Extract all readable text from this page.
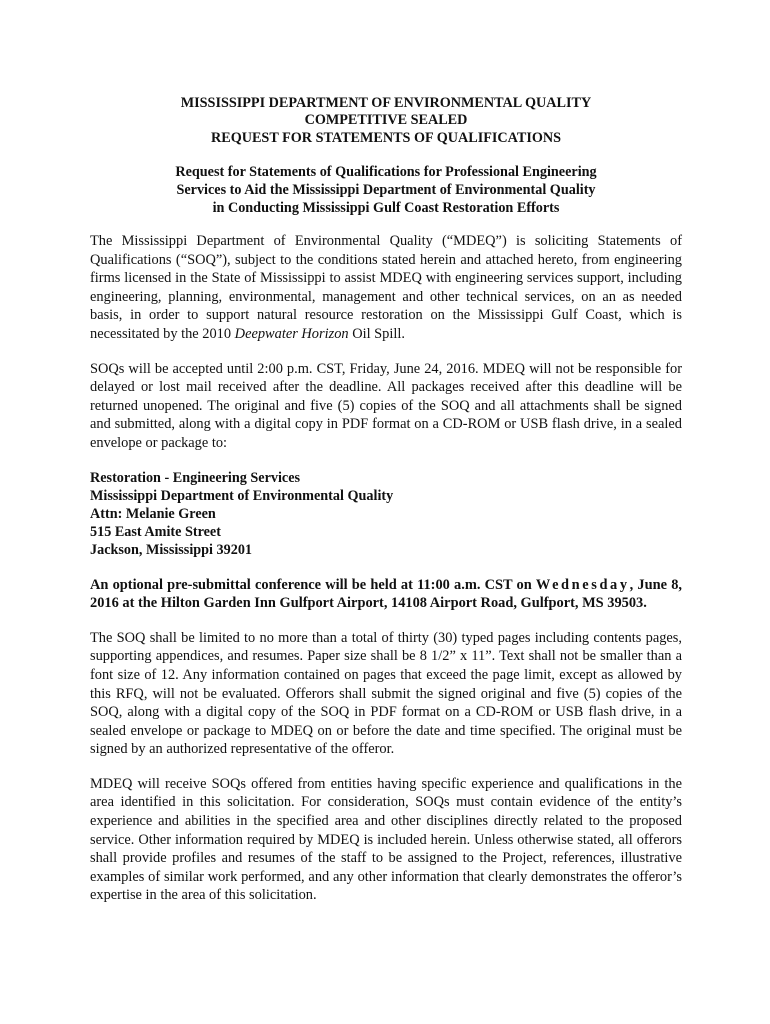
MISSISSIPPI DEPARTMENT OF ENVIRONMENTAL QUALITY

COMPETITIVE SEALED

REQUEST FOR STATEMENTS OF QUALIFICATIONS

Request for Statements of Qualifications for Professional Engineering

Services to Aid the Mississippi Department of Environmental Quality

in Conducting Mississippi Gulf Coast Restoration Efforts

The Mississippi Department of Environmental Quality (“MDEQ”) is soliciting Statements of Qualifications (“SOQ”), subject to the conditions stated herein and attached hereto, from engineering firms licensed in the State of Mississippi to assist MDEQ with engineering services support, including engineering, planning, environmental, management and other technical services, on an as needed basis, in order to support natural resource restoration on the Mississippi Gulf Coast, which is necessitated by the 2010 Deepwater Horizon Oil Spill.

SOQs will be accepted until 2:00 p.m. CST, Friday, June 24, 2016. MDEQ will not be responsible for delayed or lost mail received after the deadline. All packages received after this deadline will be returned unopened. The original and five (5) copies of the SOQ and all attachments shall be signed and submitted, along with a digital copy in PDF format on a CD-ROM or USB flash drive, in a sealed envelope or package to:

Restoration - Engineering Services

Mississippi Department of Environmental Quality

Attn: Melanie Green

515 East Amite Street

Jackson, Mississippi 39201

An optional pre-submittal conference will be held at 11:00 a.m. CST on Wednesday, June 8, 2016 at the Hilton Garden Inn Gulfport Airport, 14108 Airport Road, Gulfport, MS 39503.

The SOQ shall be limited to no more than a total of thirty (30) typed pages including contents pages, supporting appendices, and resumes. Paper size shall be 8 1/2” x 11”. Text shall not be smaller than a font size of 12. Any information contained on pages that exceed the page limit, except as allowed by this RFQ, will not be evaluated. Offerors shall submit the signed original and five (5) copies of the SOQ, along with a digital copy of the SOQ in PDF format on a CD-ROM or USB flash drive, in a sealed envelope or package to MDEQ on or before the date and time specified. The original must be signed by an authorized representative of the offeror.

MDEQ will receive SOQs offered from entities having specific experience and qualifications in the area identified in this solicitation. For consideration, SOQs must contain evidence of the entity’s experience and abilities in the specified area and other disciplines directly related to the proposed service. Other information required by MDEQ is included herein. Unless otherwise stated, all offerors shall provide profiles and resumes of the staff to be assigned to the Project, references, illustrative examples of similar work performed, and any other information that clearly demonstrates the offeror’s expertise in the area of this solicitation.
